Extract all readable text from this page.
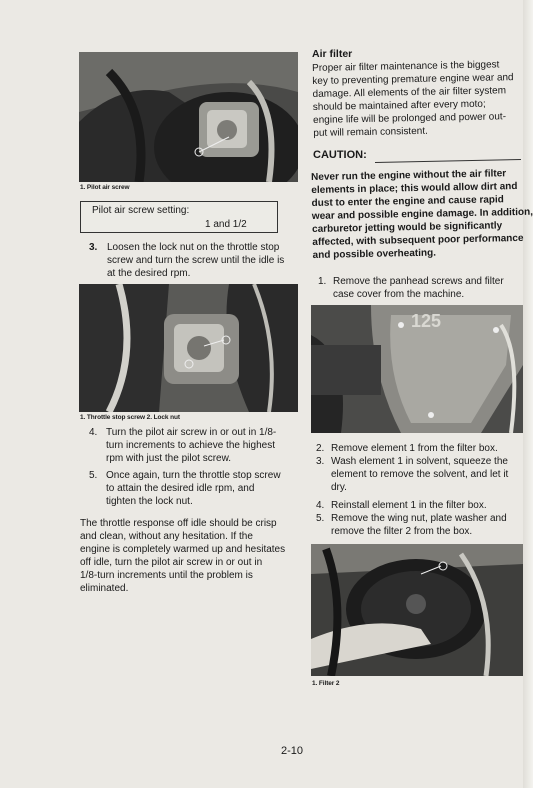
1. Pilot air screw
Pilot air screw setting:
1 and 1/2
3. Loosen the lock nut on the throttle stop
screw and turn the screw until the idle is
at the desired rpm.
1. Throttle stop screw 2. Lock nut
4. Turn the pilot air screw in or out in 1/8-
turn increments to achieve the highest
rpm with just the pilot screw.
5. Once again, turn the throttle stop screw
to attain the desired idle rpm, and
tighten the lock nut.
The throttle response off idle should be crisp
and clean, without any hesitation. If the
engine is completely warmed up and hesitates
off idle, turn the pilot air screw in or out in
1/8-turn increments until the problem is
eliminated.
Air filter
Proper air filter maintenance is the biggest
key to preventing premature engine wear and
damage. All elements of the air filter system
should be maintained after every moto;
engine life will be prolonged and power out-
put will remain consistent.
CAUTION:
Never run the engine without the air filter
elements in place; this would allow dirt and
dust to enter the engine and cause rapid
wear and possible engine damage. In addition,
carburetor jetting would be significantly
affected, with subsequent poor performance
and possible overheating.
1. Remove the panhead screws and filter
case cover from the machine.
125
2. Remove element 1 from the filter box.
3. Wash element 1 in solvent, squeeze the
element to remove the solvent, and let it
dry.
4. Reinstall element 1 in the filter box.
5. Remove the wing nut, plate washer and
remove the filter 2 from the box.
1. Filter 2
2-10
